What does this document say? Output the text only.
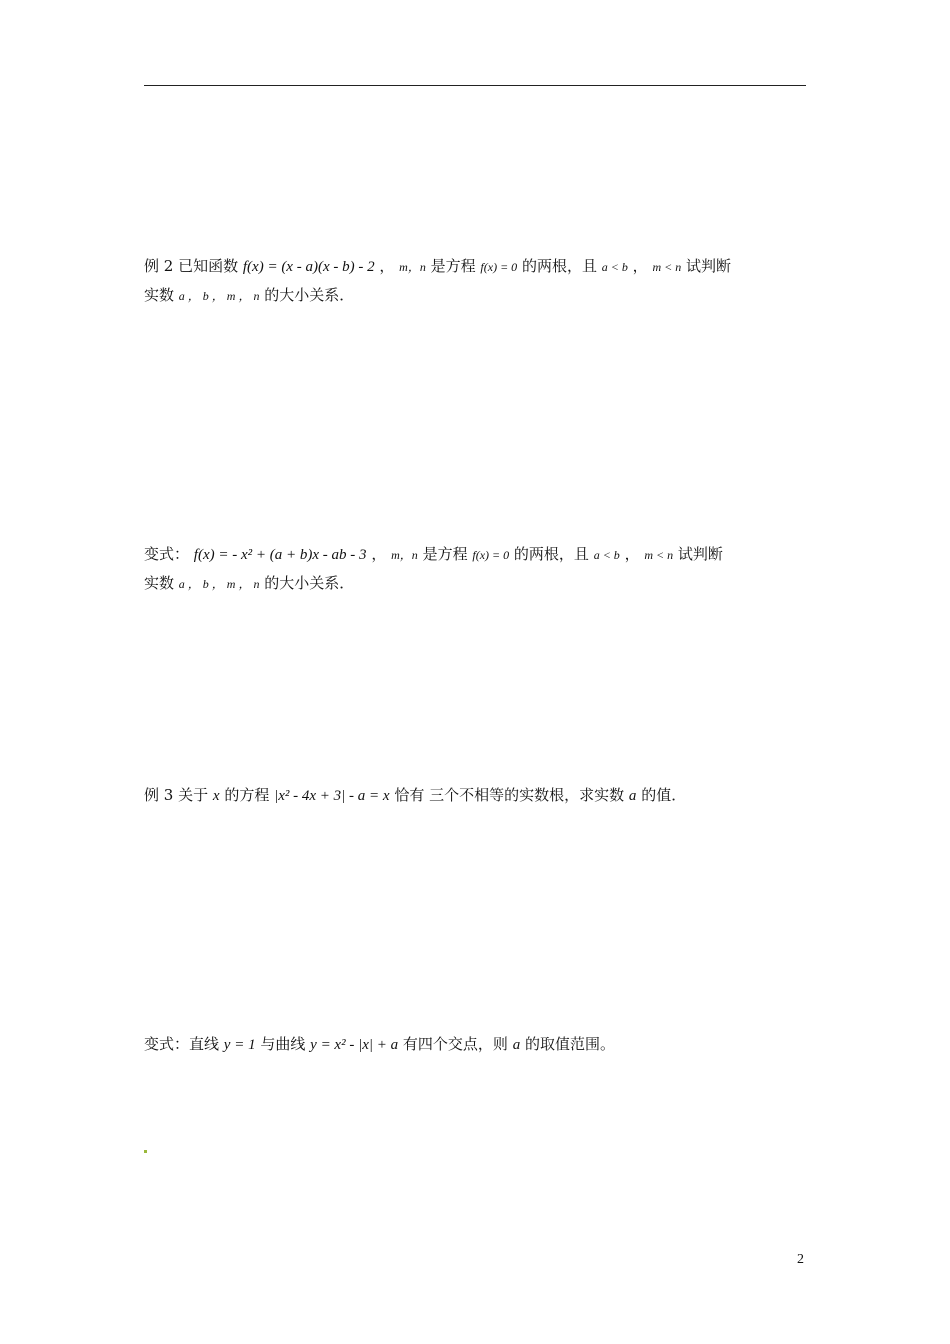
例 2 已知函数 f(x) = (x - a)(x - b) - 2 ， m，n 是方程 f(x) = 0 的两根，且 a < b ， m < n 试判断
实数 a ， b ， m ， n 的大小关系．
变式： f(x) = - x² + (a + b)x - ab - 3 ， m，n 是方程 f(x) = 0 的两根，且 a < b ， m < n 试判断
实数 a ， b ， m ， n 的大小关系．
例 3 关于 x 的方程 |x² - 4x + 3| - a = x 恰有 三个不相等的实数根，求实数 a 的值．
变式：直线 y = 1 与曲线 y = x² - |x| + a 有四个交点，则 a 的取值范围。
2
